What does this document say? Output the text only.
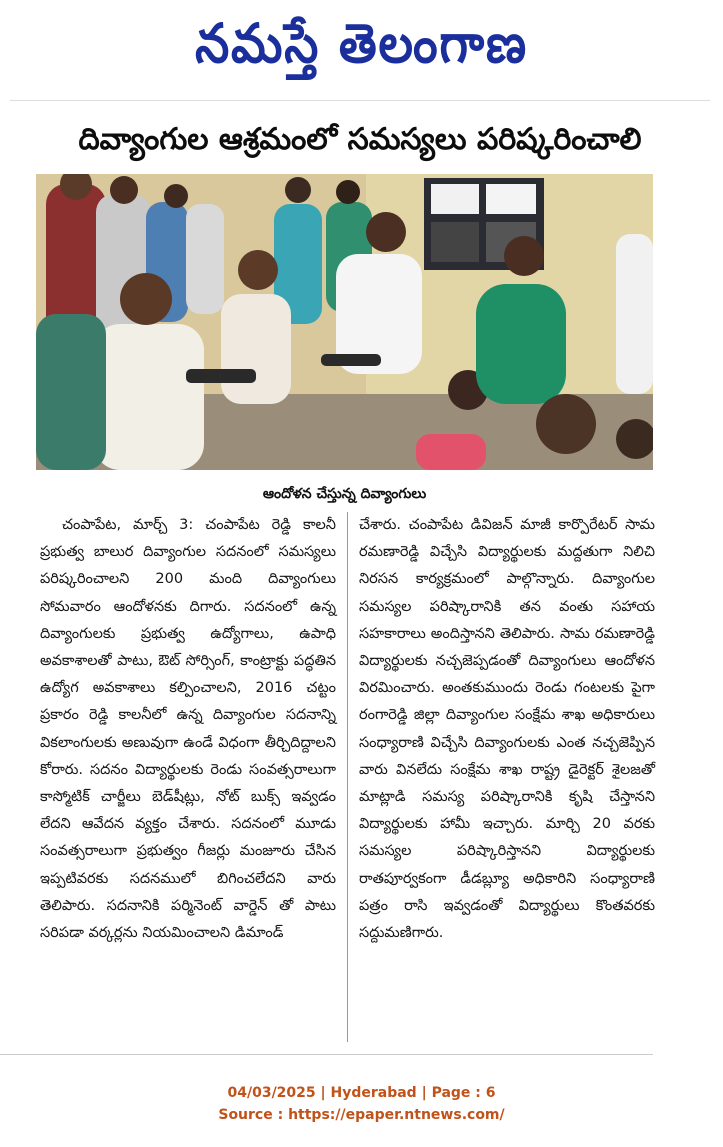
నమస్తే తెలంగాణ
దివ్యాంగుల ఆశ్రమంలో సమస్యలు పరిష్కరించాలి
ఆందోళన చేస్తున్న దివ్యాంగులు

చంపాపేట, మార్చ్ 3: చంపాపేట రెడ్డి కాలనీ ప్రభుత్వ బాలుర దివ్యాంగుల సదనంలో సమస్యలు పరిష్కరించాలని 200 మంది దివ్యాంగులు సోమవారం ఆందోళనకు దిగారు. సదనంలో ఉన్న దివ్యాంగులకు ప్రభుత్వ ఉద్యోగాలు, ఉపాధి అవకాశాలతో పాటు, ఔట్ సోర్సింగ్, కాంట్రాక్టు పద్ధతిన ఉద్యోగ అవకాశాలు కల్పించాలని, 2016 చట్టం ప్రకారం రెడ్డి కాలనీలో ఉన్న దివ్యాంగుల సదనాన్ని వికలాంగులకు అణువుగా ఉండే విధంగా తీర్చిదిద్దాలని కోరారు. సదనం విద్యార్థులకు రెండు సంవత్సరాలుగా కాస్మోటిక్ చార్జీలు బెడ్‌షీట్లు, నోట్ బుక్స్ ఇవ్వడం లేదని ఆవేదన వ్యక్తం చేశారు. సదనంలో మూడు సంవత్సరాలుగా ప్రభుత్వం గీజర్లు మంజూరు చేసిన ఇప్పటివరకు సదనములో బిగించలేదని వారు తెలిపారు. సదనానికి పర్మినెంట్ వార్డెన్ తో పాటు సరిపడా వర్కర్లను నియమించాలని డిమాండ్

చేశారు. చంపాపేట డివిజన్ మాజీ కార్పొరేటర్ సామ రమణారెడ్డి విచ్చేసి విద్యార్థులకు మద్దతుగా నిలిచి నిరసన కార్యక్రమంలో పాల్గొన్నారు. దివ్యాంగుల సమస్యల పరిష్కారానికి తన వంతు సహాయ సహకారాలు అందిస్తానని తెలిపారు. సామ రమణారెడ్డి విద్యార్థులకు నచ్చజెప్పడంతో దివ్యాంగులు ఆందోళన విరమించారు. అంతకుముందు రెండు గంటలకు పైగా రంగారెడ్డి జిల్లా దివ్యాంగుల సంక్షేమ శాఖ అధికారులు సంధ్యారాణి విచ్చేసి దివ్యాంగులకు ఎంత నచ్చజెప్పిన వారు వినలేదు సంక్షేమ శాఖ రాష్ట్ర డైరెక్టర్ శైలజతో మాట్లాడి సమస్య పరిష్కారానికి కృషి చేస్తానని విద్యార్థులకు హామీ ఇచ్చారు. మార్చి 20 వరకు సమస్యల పరిష్కారిస్తానని విద్యార్థులకు రాతపూర్వకంగా డీడబ్ల్యూ అధికారిని సంధ్యారాణి పత్రం రాసి ఇవ్వడంతో విద్యార్థులు కొంతవరకు సద్దుమణిగారు.

04/03/2025 | Hyderabad | Page : 6
Source : https://epaper.ntnews.com/
